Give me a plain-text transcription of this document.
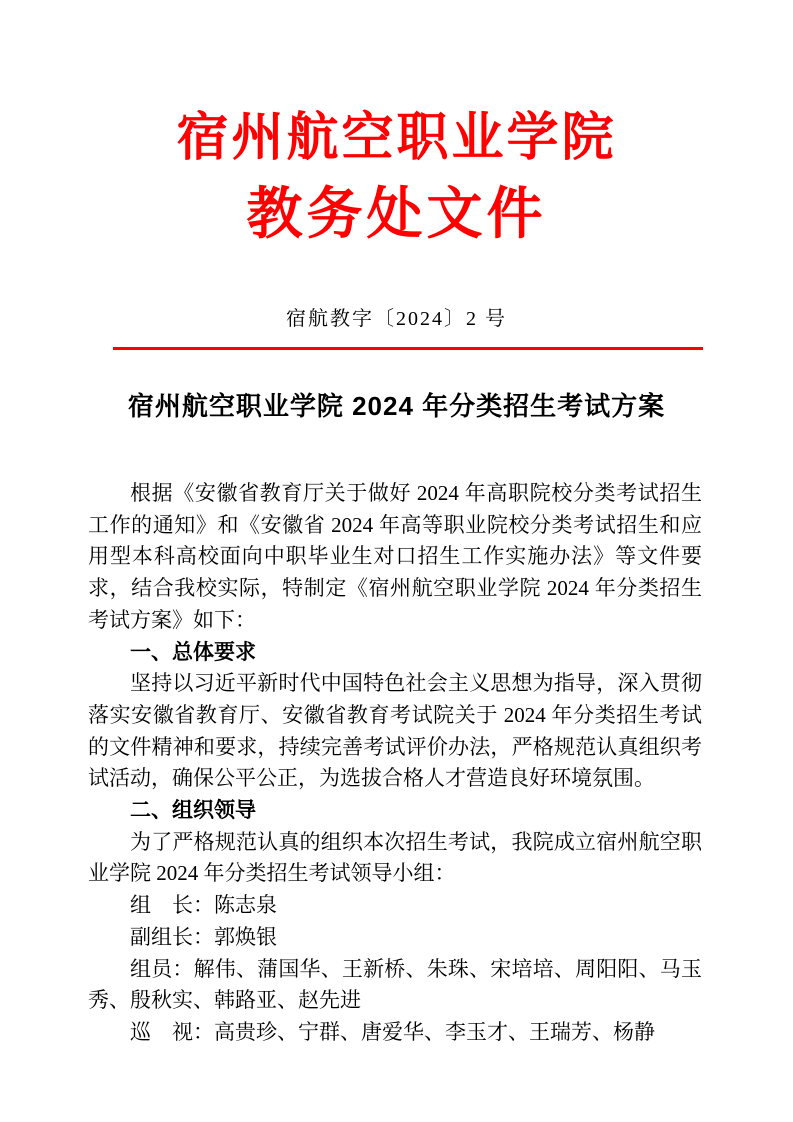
宿州航空职业学院
教务处文件
宿航教字〔2024〕2 号
宿州航空职业学院 2024 年分类招生考试方案

根据《安徽省教育厅关于做好 2024 年高职院校分类考试招生工作的通知》和《安徽省 2024 年高等职业院校分类考试招生和应用型本科高校面向中职毕业生对口招生工作实施办法》等文件要求，结合我校实际，特制定《宿州航空职业学院 2024 年分类招生考试方案》如下：

一、总体要求

坚持以习近平新时代中国特色社会主义思想为指导，深入贯彻落实安徽省教育厅、安徽省教育考试院关于 2024 年分类招生考试的文件精神和要求，持续完善考试评价办法，严格规范认真组织考试活动，确保公平公正，为选拔合格人才营造良好环境氛围。

二、组织领导

为了严格规范认真的组织本次招生考试，我院成立宿州航空职业学院 2024 年分类招生考试领导小组：

组　长：陈志泉

副组长：郭焕银

组员：解伟、蒲国华、王新桥、朱珠、宋培培、周阳阳、马玉秀、殷秋实、韩路亚、赵先进

巡　视：高贵珍、宁群、唐爱华、李玉才、王瑞芳、杨静
